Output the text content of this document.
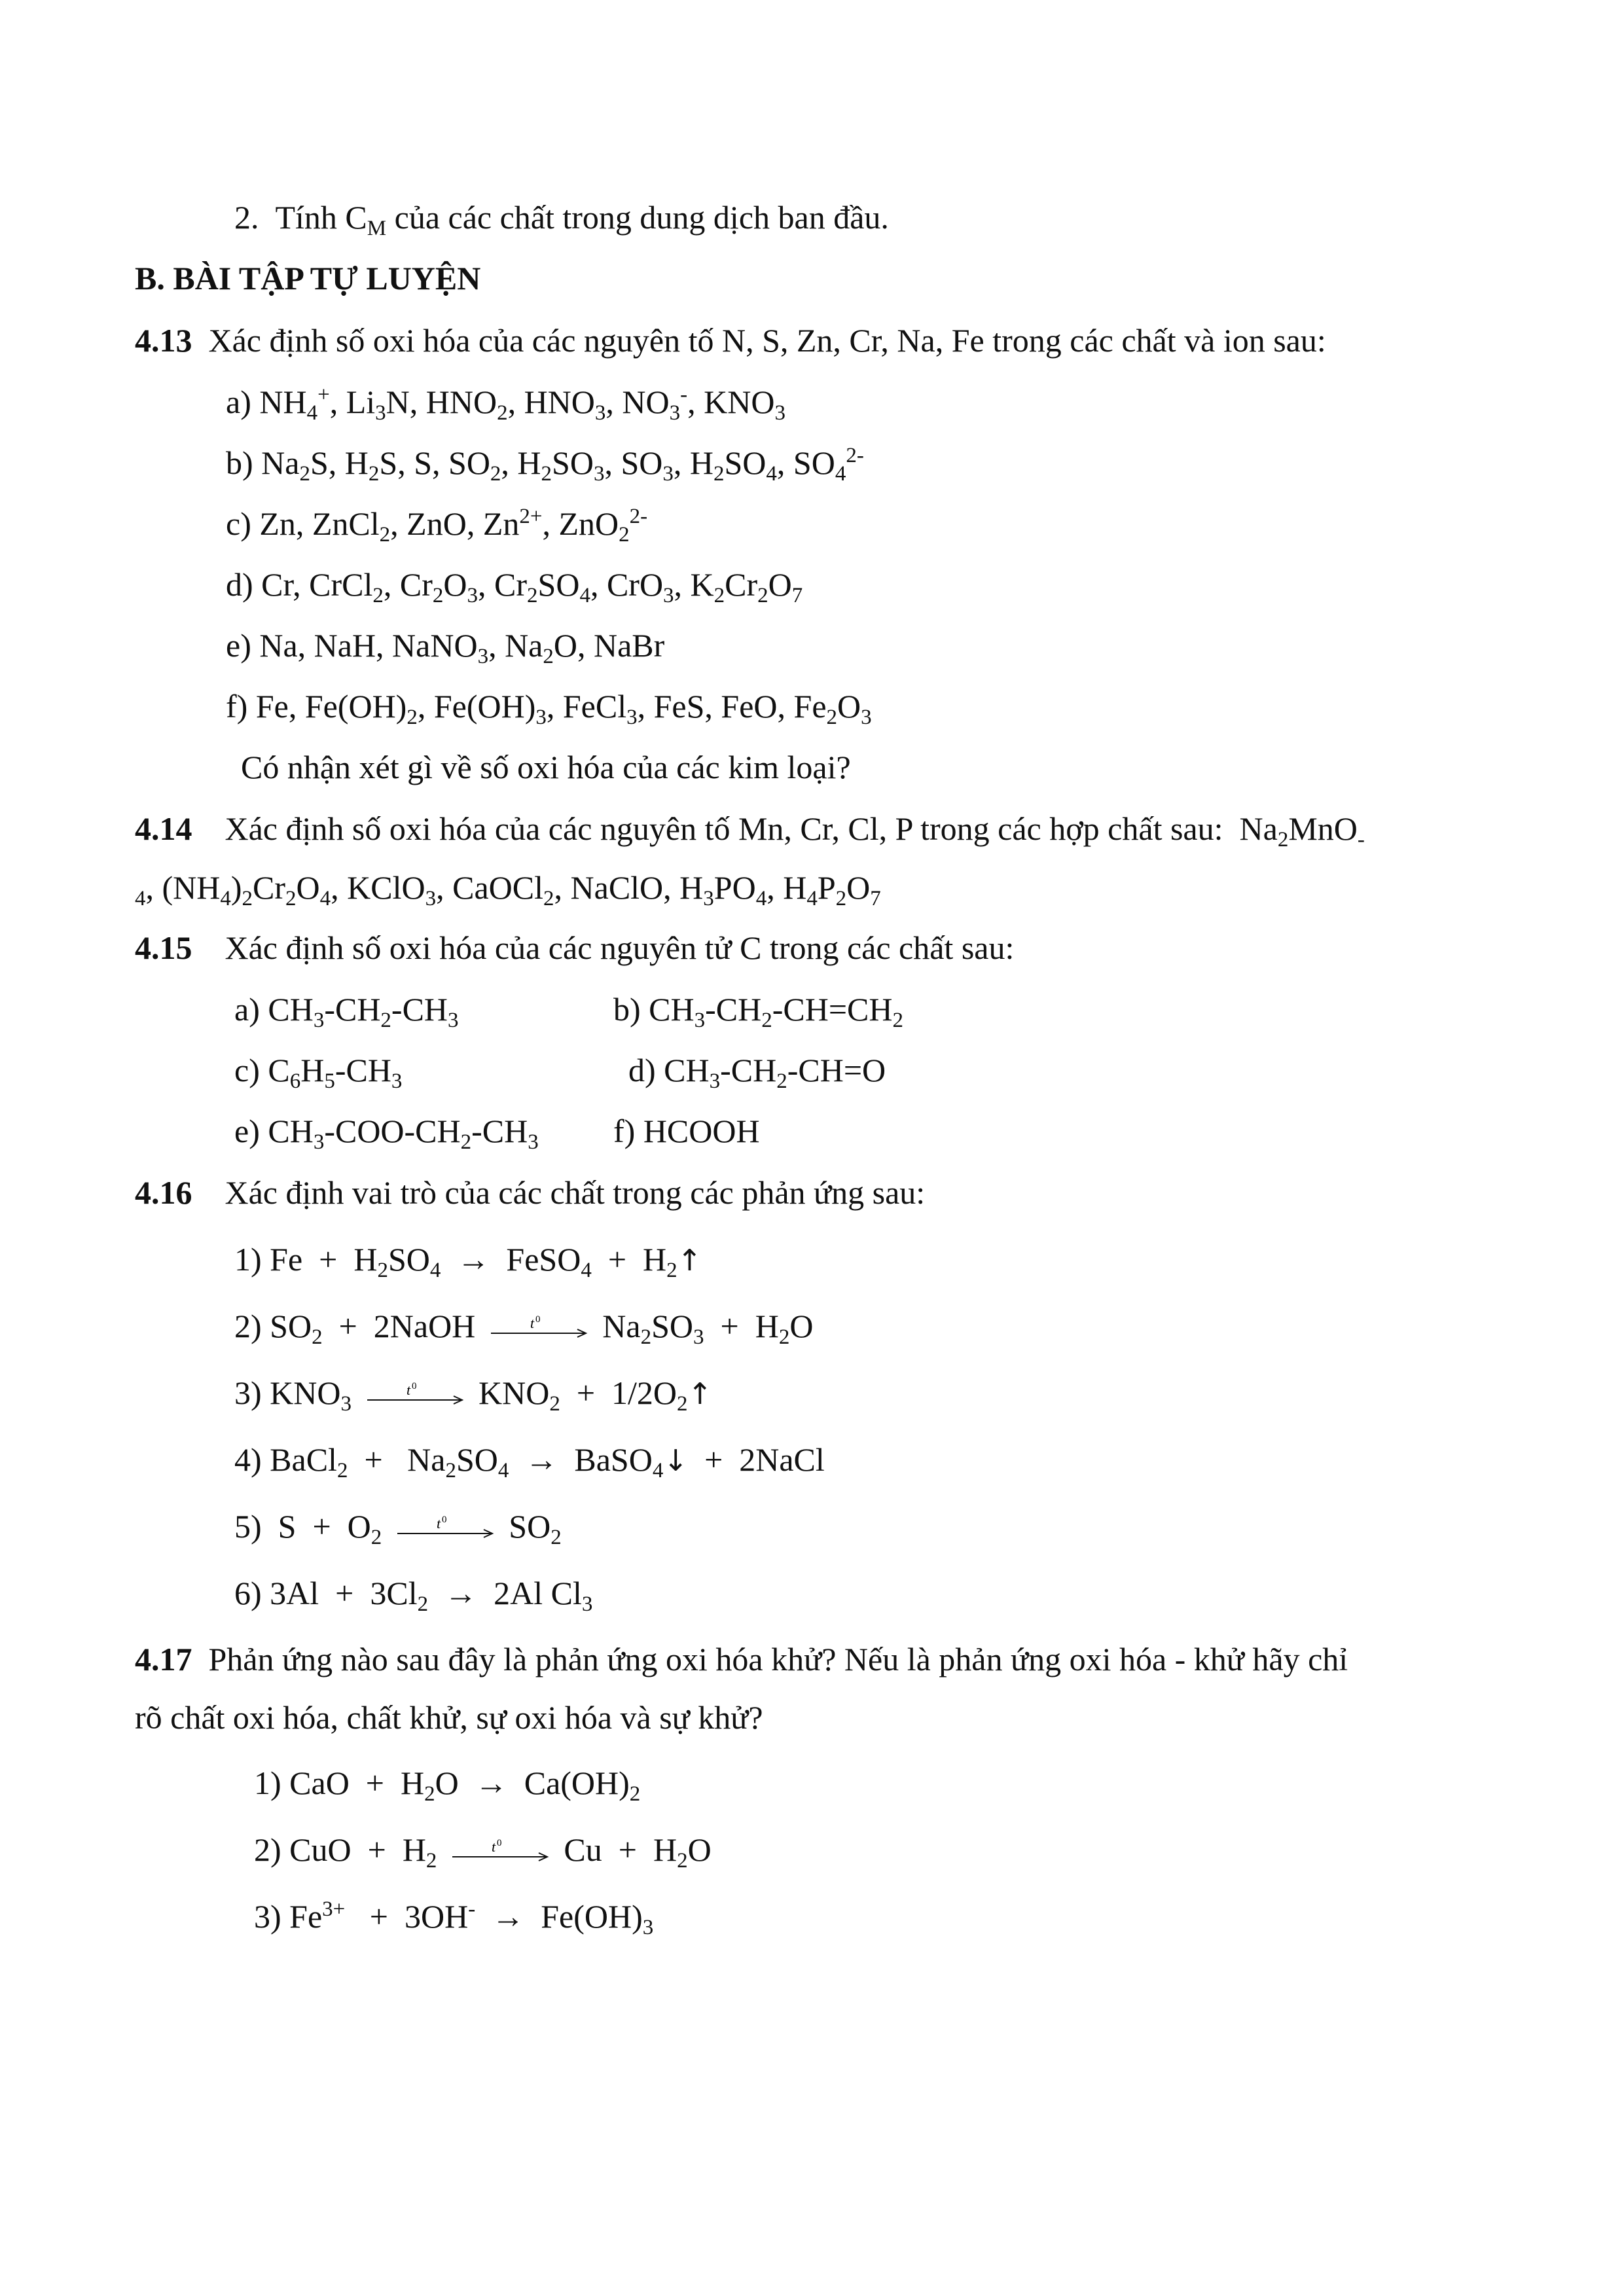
2. Tính $C_M$ của các chất trong dung dịch ban đầu.
B. BÀI TẬP TỰ LUYỆN
4.13 Xác định số oxi hóa của các nguyên tố N, S, Zn, Cr, Na, Fe trong các chất và ion sau:
a) $NH_4^+$, $Li_3N$, $HNO_2$, $HNO_3$, $NO_3^-$, $KNO_3$
b) $Na_2S$, $H_2S$, S, $SO_2$, $H_2SO_3$, $SO_3$, $H_2SO_4$, $SO_4^{2-}$
c) Zn, ZnCl$_2$, ZnO, $Zn^{2+}$, ZnO$_2^{2-}$
d) Cr, CrCl$_2$, $Cr_2O_3$, $Cr_2SO_4$, CrO$_3$, $K_2Cr_2O_7$
e) Na, NaH, NaNO$_3$, $Na_2O$, NaBr
f) Fe, $Fe(OH)_2$, $Fe(OH)_3$, FeCl$_3$, FeS, FeO, $Fe_2O_3$
Có nhận xét gì về số oxi hóa của các kim loại?
4.14 Xác định số oxi hóa của các nguyên tố Mn, Cr, Cl, P trong các hợp chất sau:  $Na_2MnO_-$
$_4$, $(NH_4)_2Cr_2O_4$, KClO$_3$, CaOCl$_2$, NaClO, $H_3PO_4$, $H_4P_2O_7$
4.15 Xác định số oxi hóa của các nguyên tử C trong các chất sau:
a) $CH_3-CH_2-CH_3$	b) $CH_3-CH_2-CH=CH_2$
c) $C_6H_5-CH_3$	d) $CH_3-CH_2-CH=O$
e) $CH_3-COO-CH_2-CH_3$ f) HCOOH
4.16 Xác định vai trò của các chất trong các phản ứng sau:
1) $Fe + H_2SO_4$  →  FeSO$_4$  +  $H_2↑$
2) $SO_2$  +  2NaOH	t 0 $Na_2SO_3 + H_2O$
3) $KNO_3$
t 0 $KNO_2$  +  $1/2O_2↑$
4) BaCl$_2$  +   $Na_2SO_4$  →  BaSO$_4$↓  +  2NaCl
5)  $S + O_2$
t 0 $SO_2$
6) $3Al + 3Cl_2 \to 2Al$ $Cl_3$
4.17 Phản ứng nào sau đây là phản ứng oxi hóa khử? Nếu là phản ứng oxi hóa - khử hãy chỉ
rõ chất oxi hóa, chất khử, sự oxi hóa và sự khử?
1) CaO  +  $H_2O \to Ca(OH)_2$
2) CuO  +  $H_2$
t 0 $Cu + H_2O$
3) $Fe^{3+} + 3OH^- \to Fe(OH)_3$
